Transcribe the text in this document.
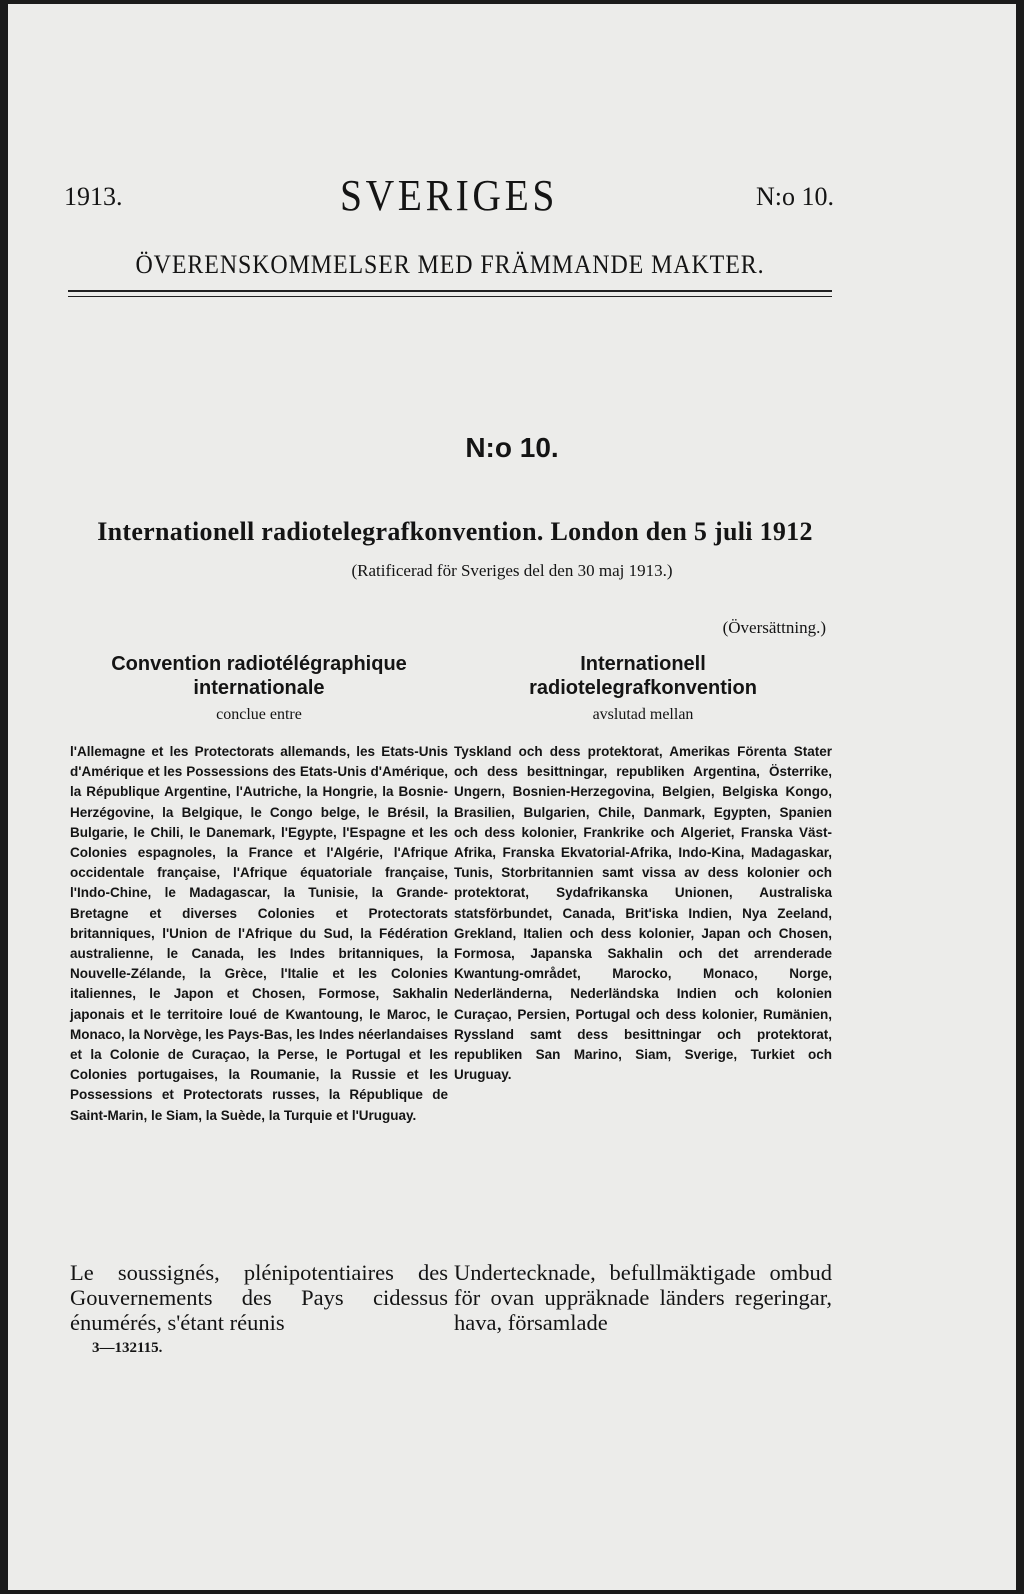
1913.	SVERIGES	N:o 10.
ÖVERENSKOMMELSER MED FRÄMMANDE MAKTER.
N:o 10.
Internationell radiotelegrafkonvention. London den 5 juli 1912
(Ratificerad för Sveriges del den 30 maj 1913.)
(Översättning.)
Convention radiotélégraphique
internationale
conclue entre
l'Allemagne et les Protectorats allemands, les Etats-Unis d'Amérique et les Possessions des Etats-Unis d'Amérique, la République Argentine, l'Autriche, la Hongrie, la Bosnie-Herzégovine, la Belgique, le Congo belge, le Brésil, la Bulgarie, le Chili, le Danemark, l'Egypte, l'Espagne et les Colonies espagnoles, la France et l'Algérie, l'Afrique occidentale française, l'Afrique équatoriale française, l'Indo-Chine, le Madagascar, la Tunisie, la Grande-Bretagne et diverses Colonies et Protectorats britanniques, l'Union de l'Afrique du Sud, la Fédération australienne, le Canada, les Indes britanniques, la Nouvelle-Zélande, la Grèce, l'Italie et les Colonies italiennes, le Japon et Chosen, Formose, Sakhalin japonais et le territoire loué de Kwantoung, le Maroc, le Monaco, la Norvège, les Pays-Bas, les Indes néerlandaises et la Colonie de Curaçao, la Perse, le Portugal et les Colonies portugaises, la Roumanie, la Russie et les Possessions et Protectorats russes, la République de Saint-Marin, le Siam, la Suède, la Turquie et l'Uruguay.
Le soussignés, plénipotentiaires des Gouvernements des Pays cidessus énumérés, s'étant réunis
Internationell
radiotelegrafkonvention
avslutad mellan
Tyskland och dess protektorat, Amerikas Förenta Stater och dess besittningar, republiken Argentina, Österrike, Ungern, Bosnien-Herzegovina, Belgien, Belgiska Kongo, Brasilien, Bulgarien, Chile, Danmark, Egypten, Spanien och dess kolonier, Frankrike och Algeriet, Franska Väst-Afrika, Franska Ekvatorial-Afrika, Indo-Kina, Madagaskar, Tunis, Storbritannien samt vissa av dess kolonier och protektorat, Sydafrikanska Unionen, Australiska statsförbundet, Canada, Brit'iska Indien, Nya Zeeland, Grekland, Italien och dess kolonier, Japan och Chosen, Formosa, Japanska Sakhalin och det arrenderade Kwantung-området, Marocko, Monaco, Norge, Nederländerna, Nederländska Indien och kolonien Curaçao, Persien, Portugal och dess kolonier, Rumänien, Ryssland samt dess besittningar och protektorat, republiken San Marino, Siam, Sverige, Turkiet och Uruguay.
Undertecknade, befullmäktigade ombud för ovan uppräknade länders regeringar, hava, församlade
3—132115.
